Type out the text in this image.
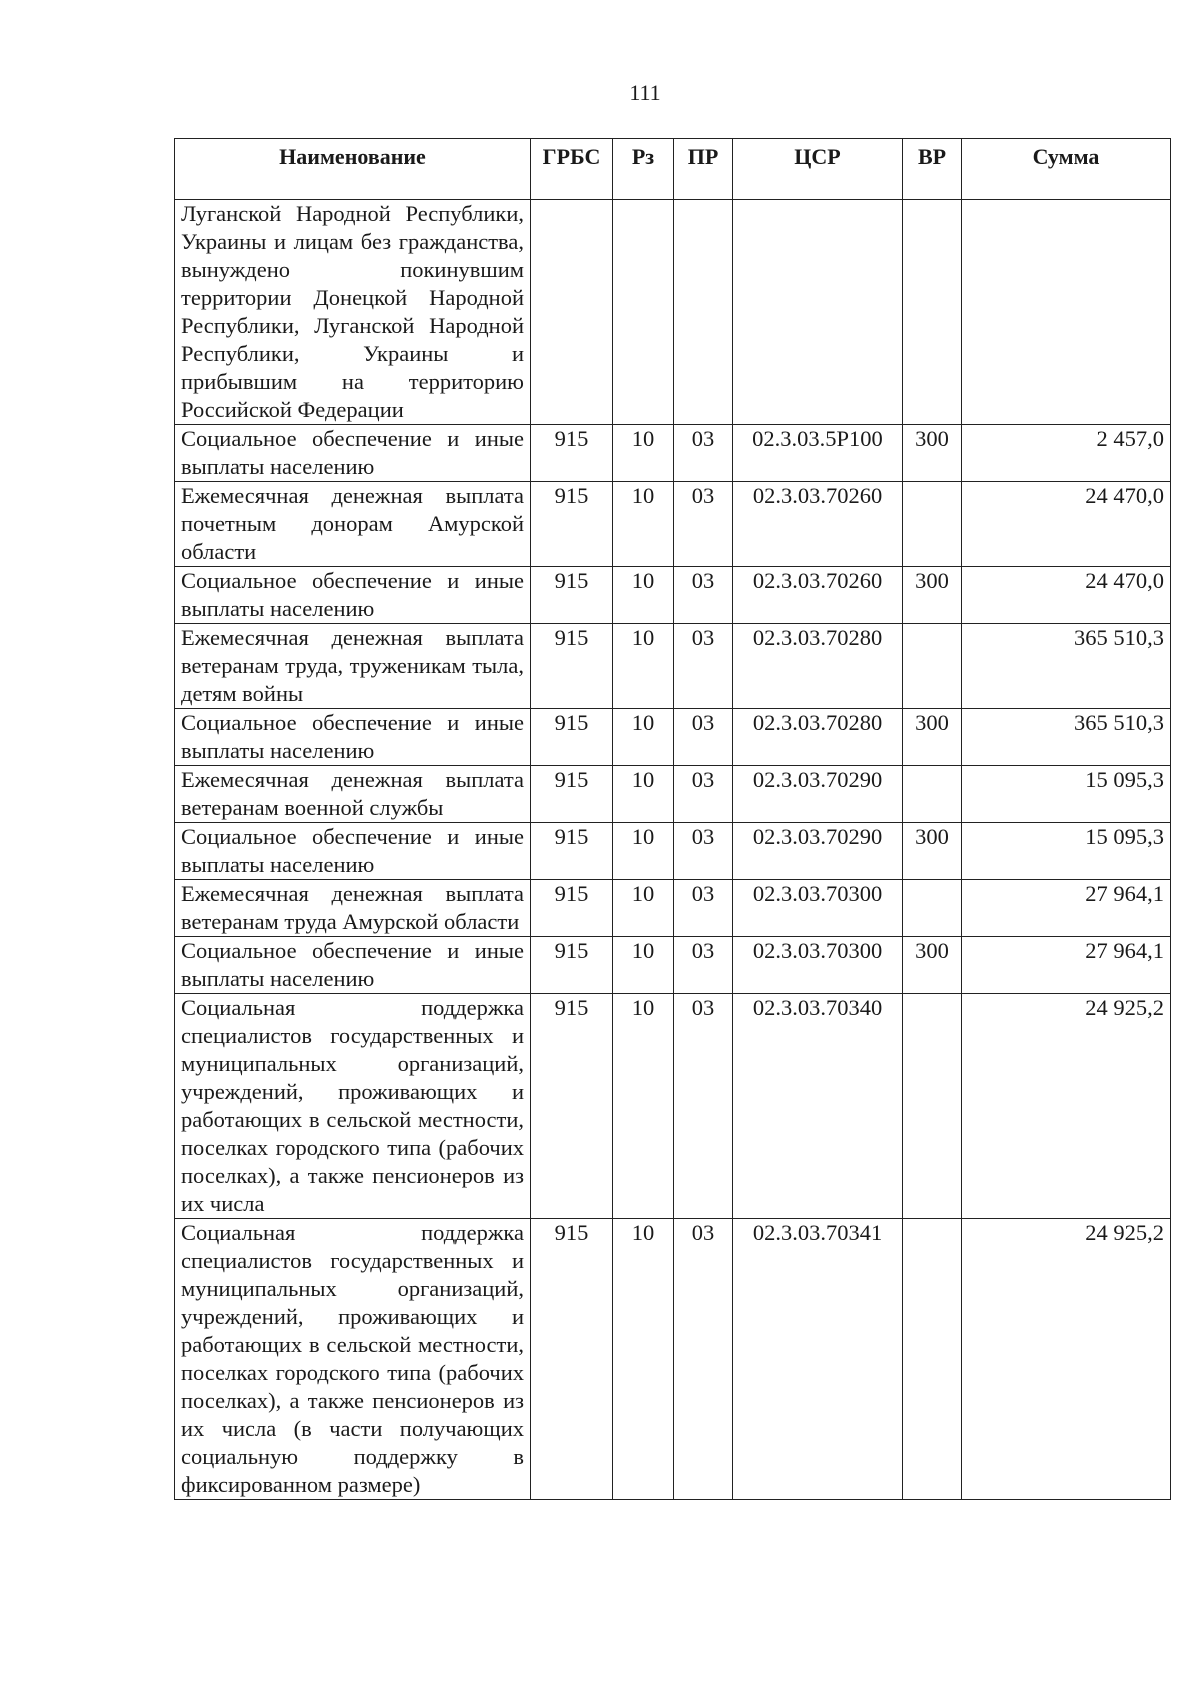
111
Наименование	ГРБС	Рз	ПР	ЦСР	ВР	Сумма
Луганской Народной Республики, Украины и лицам без гражданства, вынуждено покинувшим территории Донецкой Народной Республики, Луганской Народной Республики, Украины и прибывшим на территорию Российской Федерации						
Социальное обеспечение и иные выплаты населению	915	10	03	02.3.03.5Р100	300	2 457,0
Ежемесячная денежная выплата почетным донорам Амурской области	915	10	03	02.3.03.70260		24 470,0
Социальное обеспечение и иные выплаты населению	915	10	03	02.3.03.70260	300	24 470,0
Ежемесячная денежная выплата ветеранам труда, труженикам тыла, детям войны	915	10	03	02.3.03.70280		365 510,3
Социальное обеспечение и иные выплаты населению	915	10	03	02.3.03.70280	300	365 510,3
Ежемесячная денежная выплата ветеранам военной службы	915	10	03	02.3.03.70290		15 095,3
Социальное обеспечение и иные выплаты населению	915	10	03	02.3.03.70290	300	15 095,3
Ежемесячная денежная выплата ветеранам труда Амурской области	915	10	03	02.3.03.70300		27 964,1
Социальное обеспечение и иные выплаты населению	915	10	03	02.3.03.70300	300	27 964,1
Социальная поддержка специалистов государственных и муниципальных организаций, учреждений, проживающих и работающих в сельской местности, поселках городского типа (рабочих поселках), а также пенсионеров из их числа	915	10	03	02.3.03.70340		24 925,2
Социальная поддержка специалистов государственных и муниципальных организаций, учреждений, проживающих и работающих в сельской местности, поселках городского типа (рабочих поселках), а также пенсионеров из их числа (в части получающих социальную поддержку в фиксированном размере)	915	10	03	02.3.03.70341		24 925,2
